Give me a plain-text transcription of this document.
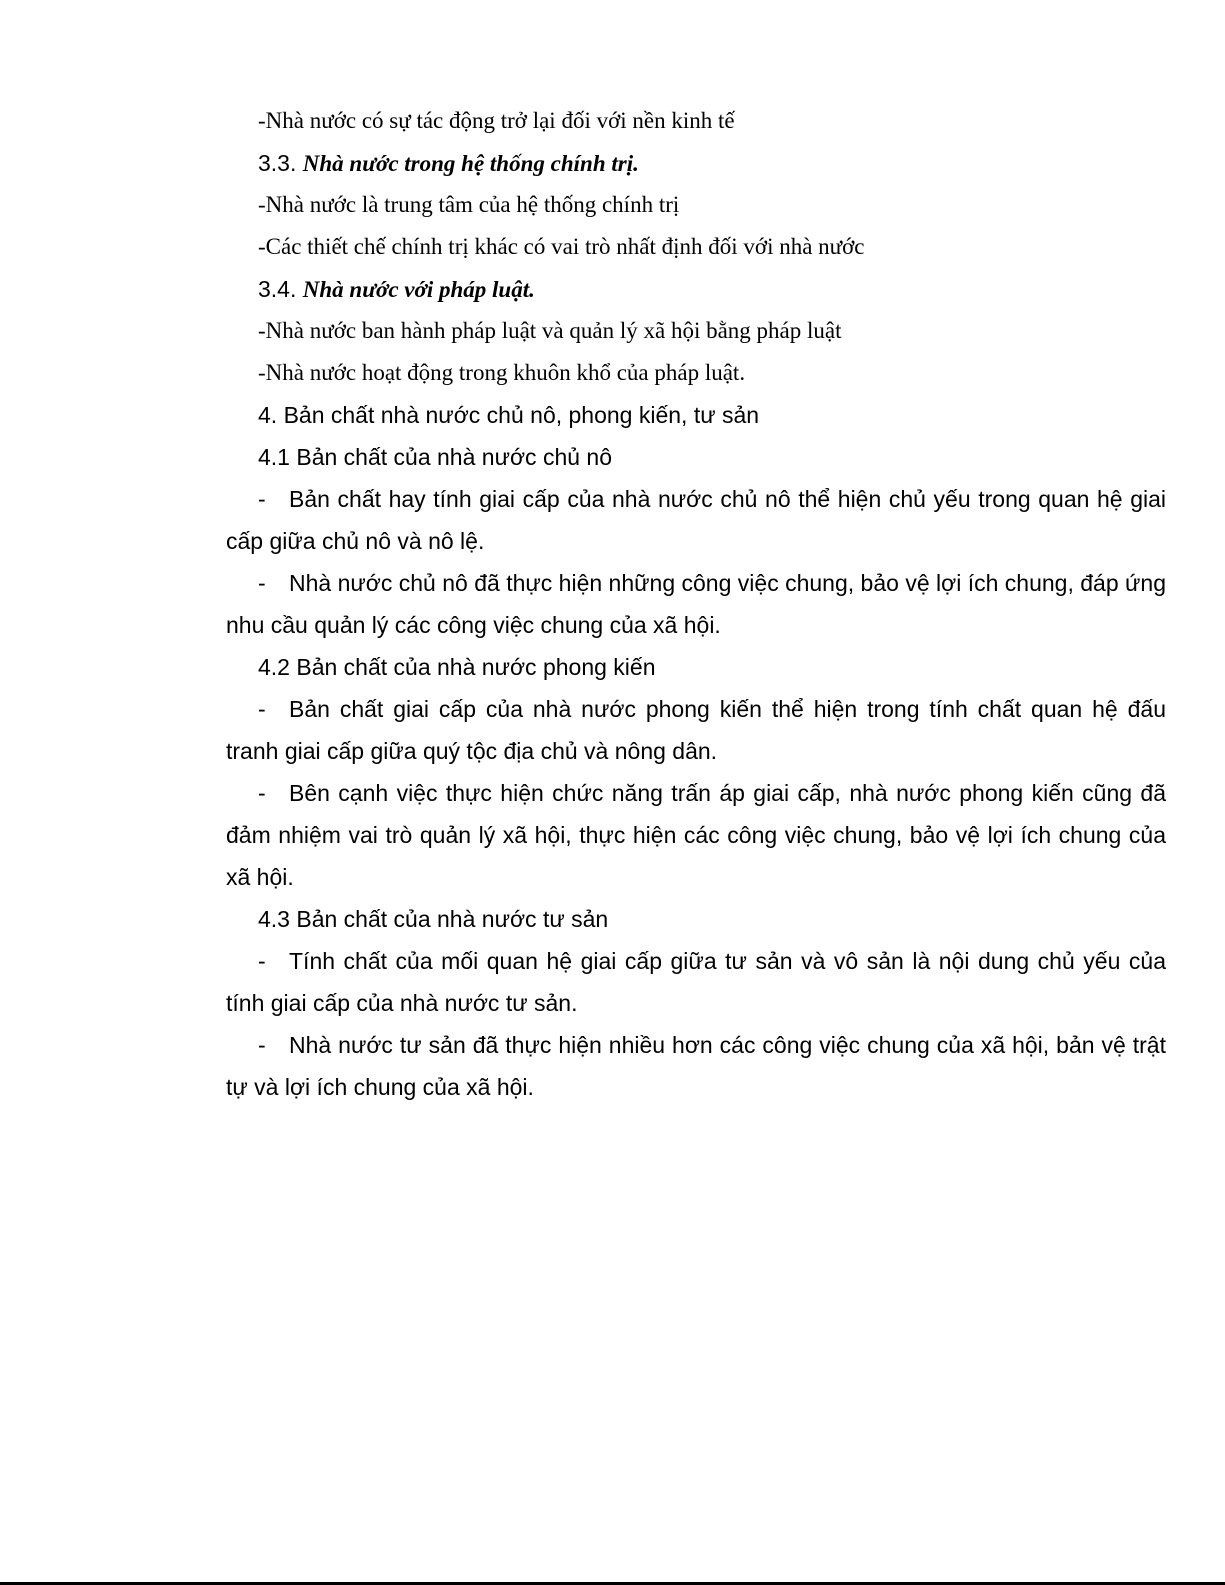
-Nhà nước có sự tác động trở lại đối với nền kinh tế
3.3. Nhà nước trong hệ thống chính trị.
-Nhà nước là trung tâm của hệ thống chính trị
-Các thiết chế chính trị khác có vai trò nhất định đối với nhà nước
3.4. Nhà nước với pháp luật.
-Nhà nước ban hành pháp luật và quản lý xã hội bằng pháp luật
-Nhà nước hoạt động trong khuôn khổ của pháp luật.
4. Bản chất nhà nước chủ nô, phong kiến, tư sản
4.1 Bản chất của nhà nước chủ nô
- Bản chất hay tính giai cấp của nhà nước chủ nô thể hiện chủ yếu trong quan hệ giai cấp giữa chủ nô và nô lệ.
- Nhà nước chủ nô đã thực hiện những công việc chung, bảo vệ lợi ích chung, đáp ứng nhu cầu quản lý các công việc chung của xã hội.
4.2 Bản chất của nhà nước phong kiến
- Bản chất giai cấp của nhà nước phong kiến thể hiện trong tính chất quan hệ đấu tranh giai cấp giữa quý tộc địa chủ và nông dân.
- Bên cạnh việc thực hiện chức năng trấn áp giai cấp, nhà nước phong kiến cũng đã đảm nhiệm vai trò quản lý xã hội, thực hiện các công việc chung, bảo vệ lợi ích chung của xã hội.
4.3 Bản chất của nhà nước tư sản
- Tính chất của mối quan hệ giai cấp giữa tư sản và vô sản là nội dung chủ yếu của tính giai cấp của nhà nước tư sản.
- Nhà nước tư sản đã thực hiện nhiều hơn các công việc chung của xã hội, bản vệ trật tự và lợi ích chung của xã hội.
